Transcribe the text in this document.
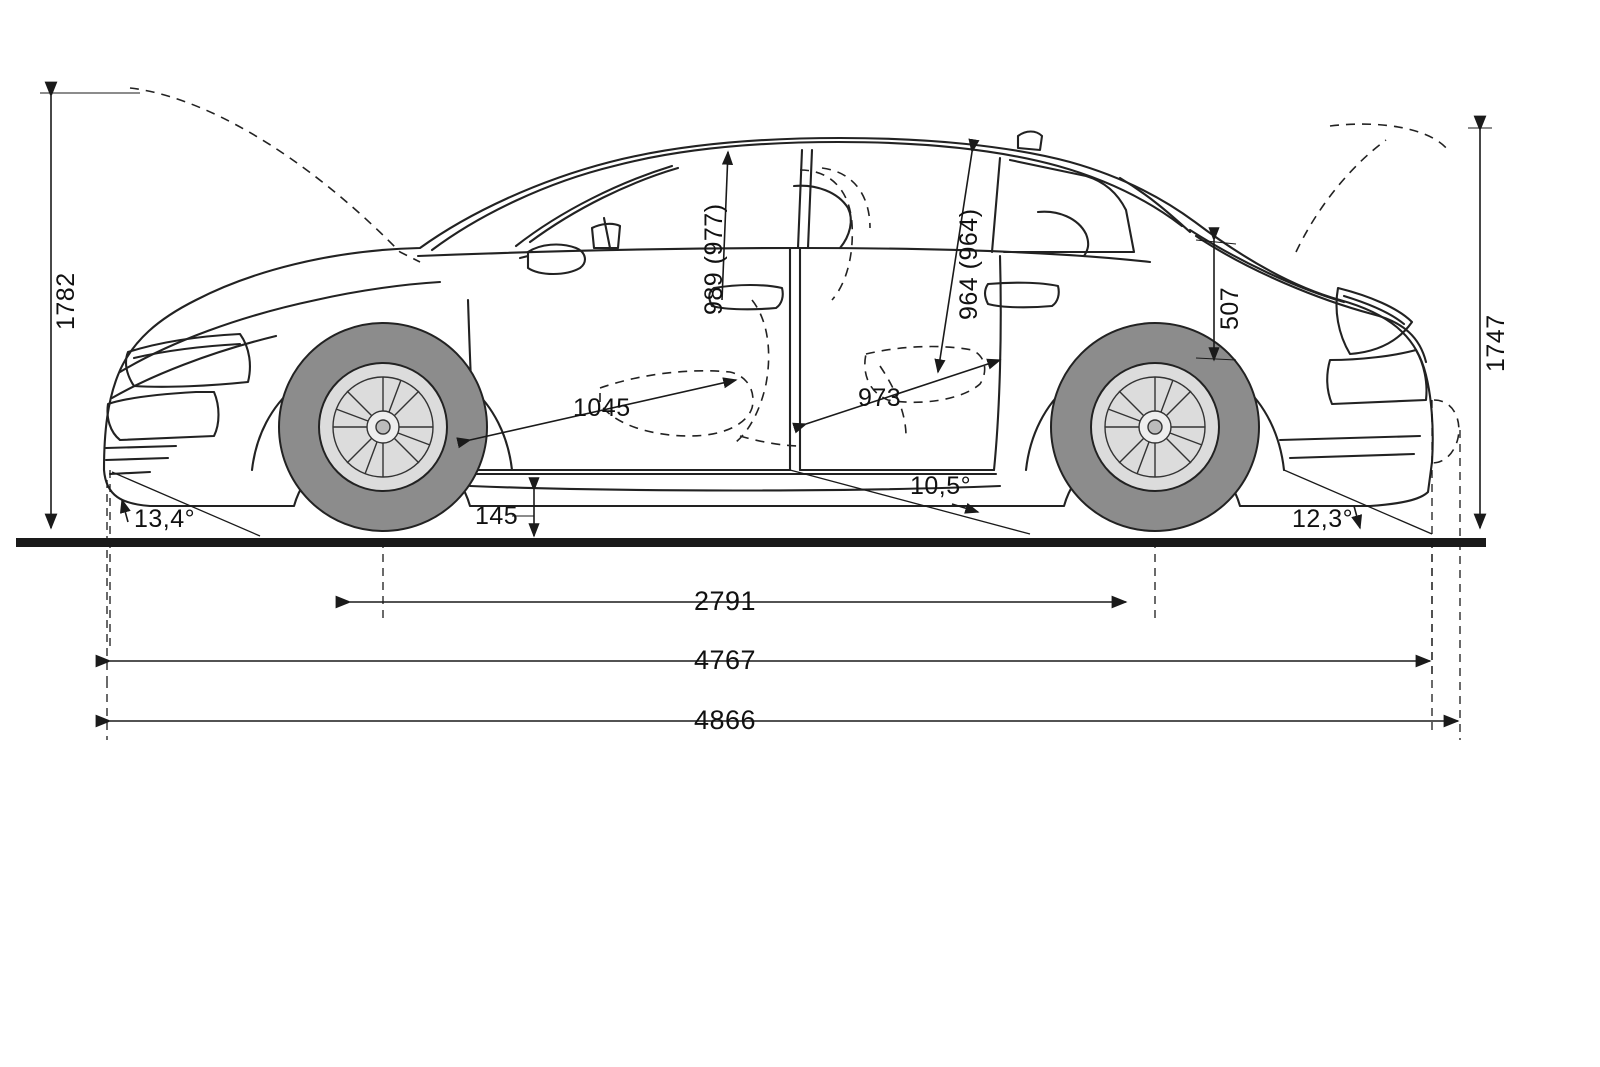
1782
1747
989 (977)	964 (964)	507
1045	973
145
13,4°
10,5°
12,3°
2791
4767
4866
